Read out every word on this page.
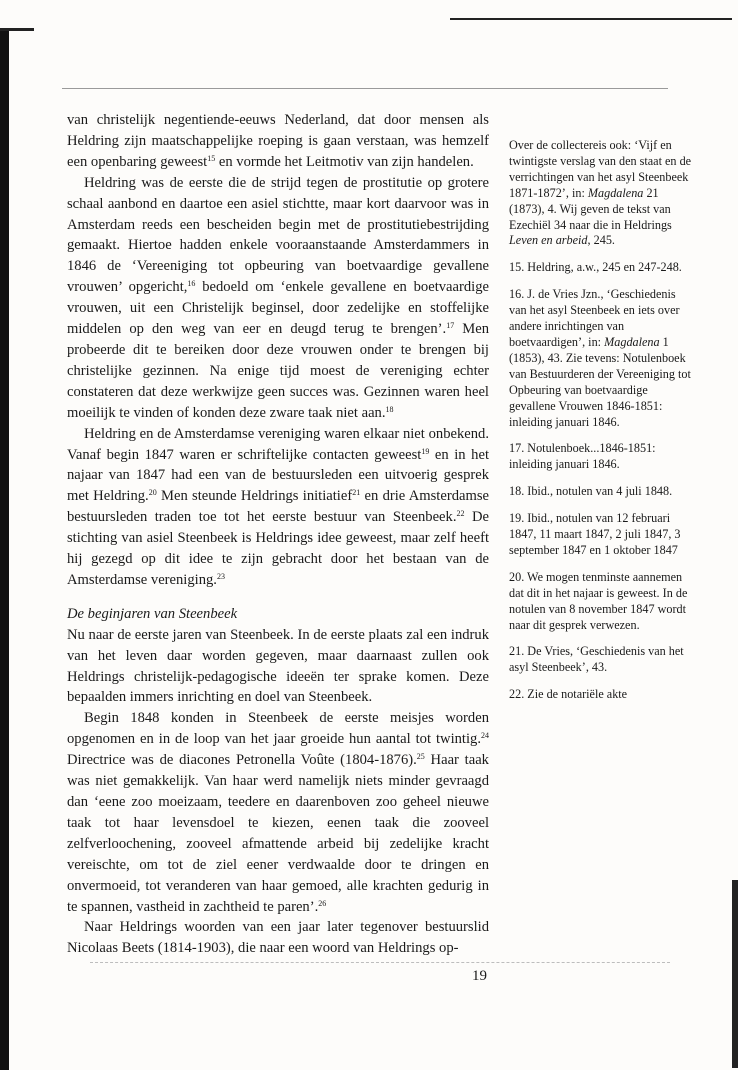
van christelijk negentiende-eeuws Nederland, dat door mensen als Heldring zijn maatschappelijke roeping is gaan verstaan, was hemzelf een openbaring geweest$^{15}$ en vormde het Leitmotiv van zijn handelen.

Heldring was de eerste die de strijd tegen de prostitutie op grotere schaal aanbond en daartoe een asiel stichtte, maar kort daarvoor was in Amsterdam reeds een bescheiden begin met de prostitutiebestrijding gemaakt. Hiertoe hadden enkele vooraanstaande Amsterdammers in 1846 de ‘Vereeniging tot opbeuring van boetvaardige gevallene vrouwen’ opgericht,$^{16}$ bedoeld om ‘enkele gevallene en boetvaardige vrouwen, uit een Christelijk beginsel, door zedelijke en stoffelijke middelen op den weg van eer en deugd terug te brengen’.$^{17}$ Men probeerde dit te bereiken door deze vrouwen onder te brengen bij christelijke gezinnen. Na enige tijd moest de vereniging echter constateren dat deze werkwijze geen succes was. Gezinnen waren heel moeilijk te vinden of konden deze zware taak niet aan.$^{18}$

Heldring en de Amsterdamse vereniging waren elkaar niet onbekend. Vanaf begin 1847 waren er schriftelijke contacten geweest$^{19}$ en in het najaar van 1847 had een van de bestuursleden een uitvoerig gesprek met Heldring.$^{20}$ Men steunde Heldrings initiatief$^{21}$ en drie Amsterdamse bestuursleden traden toe tot het eerste bestuur van Steenbeek.$^{22}$ De stichting van asiel Steenbeek is Heldrings idee geweest, maar zelf heeft hij gezegd op dit idee te zijn gebracht door het bestaan van de Amsterdamse vereniging.$^{23}$

De beginjaren van Steenbeek

Nu naar de eerste jaren van Steenbeek. In de eerste plaats zal een indruk van het leven daar worden gegeven, maar daarnaast zullen ook Heldrings christelijk-pedagogische ideeën ter sprake komen. Deze bepaalden immers inrichting en doel van Steenbeek.

Begin 1848 konden in Steenbeek de eerste meisjes worden opgenomen en in de loop van het jaar groeide hun aantal tot twintig.$^{24}$ Directrice was de diacones Petronella Voûte (1804-1876).$^{25}$ Haar taak was niet gemakkelijk. Van haar werd namelijk niets minder gevraagd dan ‘eene zoo moeizaam, teedere en daarenboven zoo geheel nieuwe taak tot haar levensdoel te kiezen, eenen taak die zooveel zelfverloochening, zooveel afmattende arbeid bij zedelijke kracht vereischte, om tot de ziel eener verdwaalde door te dringen en onvermoeid, tot veranderen van haar gemoed, alle krachten gedurig in te spannen, vastheid in zachtheid te paren’.$^{26}$

Naar Heldrings woorden van een jaar later tegenover bestuurslid Nicolaas Beets (1814-1903), die naar een woord van Heldrings op-

Over de collectereis ook: ‘Vijf en twintigste verslag van den staat en de verrichtingen van het asyl Steenbeek 1871-1872’, in: Magdalena 21 (1873), 4. Wij geven de tekst van Ezechiël 34 naar die in Heldrings Leven en arbeid, 245.
15. Heldring, a.w., 245 en 247-248.
16. J. de Vries Jzn., ‘Geschiedenis van het asyl Steenbeek en iets over andere inrichtingen van boetvaardigen’, in: Magdalena 1 (1853), 43. Zie tevens: Notulenboek van Bestuurderen der Vereeniging tot Opbeuring van boetvaardige gevallene Vrouwen 1846-1851: inleiding januari 1846.
17. Notulenboek...1846-1851: inleiding januari 1846.
18. Ibid., notulen van 4 juli 1848.
19. Ibid., notulen van 12 februari 1847, 11 maart 1847, 2 juli 1847, 3 september 1847 en 1 oktober 1847
20. We mogen tenminste aannemen dat dit in het najaar is geweest. In de notulen van 8 november 1847 wordt naar dit gesprek verwezen.
21. De Vries, ‘Geschiedenis van het asyl Steenbeek’, 43.
22. Zie de notariële akte
19
